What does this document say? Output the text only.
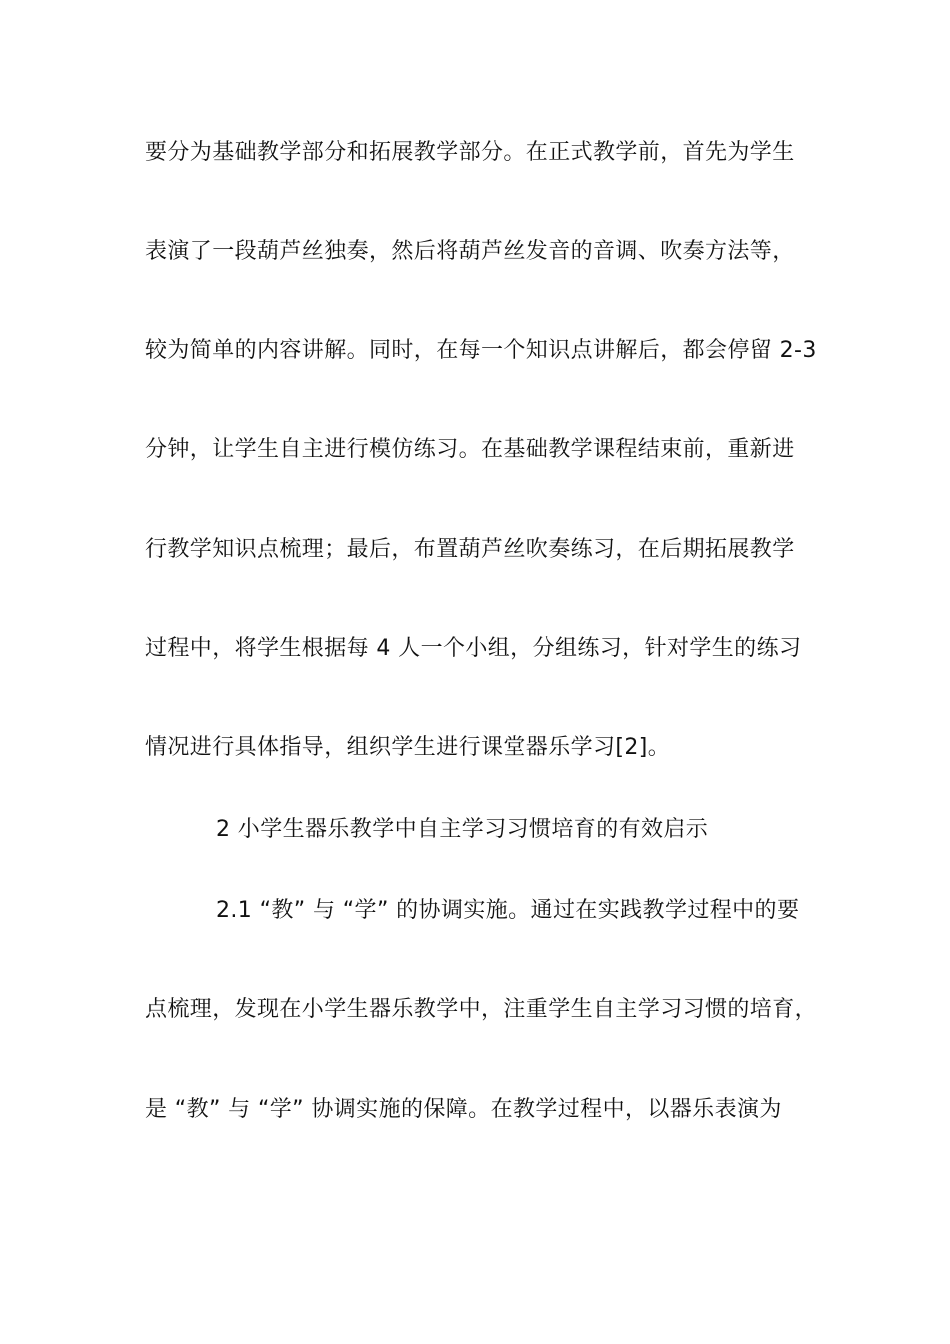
要分为基础教学部分和拓展教学部分。在正式教学前，首先为学生
表演了一段葫芦丝独奏，然后将葫芦丝发音的音调、吹奏方法等，
较为简单的内容讲解。同时，在每一个知识点讲解后，都会停留 2-3
分钟，让学生自主进行模仿练习。在基础教学课程结束前，重新进
行教学知识点梳理；最后，布置葫芦丝吹奏练习，在后期拓展教学
过程中，将学生根据每 4 人一个小组，分组练习，针对学生的练习
情况进行具体指导，组织学生进行课堂器乐学习[2]。
2 小学生器乐教学中自主学习习惯培育的有效启示
2.1 “教” 与 “学” 的协调实施。通过在实践教学过程中的要
点梳理，发现在小学生器乐教学中，注重学生自主学习习惯的培育，
是 “教” 与 “学” 协调实施的保障。在教学过程中，以器乐表演为
